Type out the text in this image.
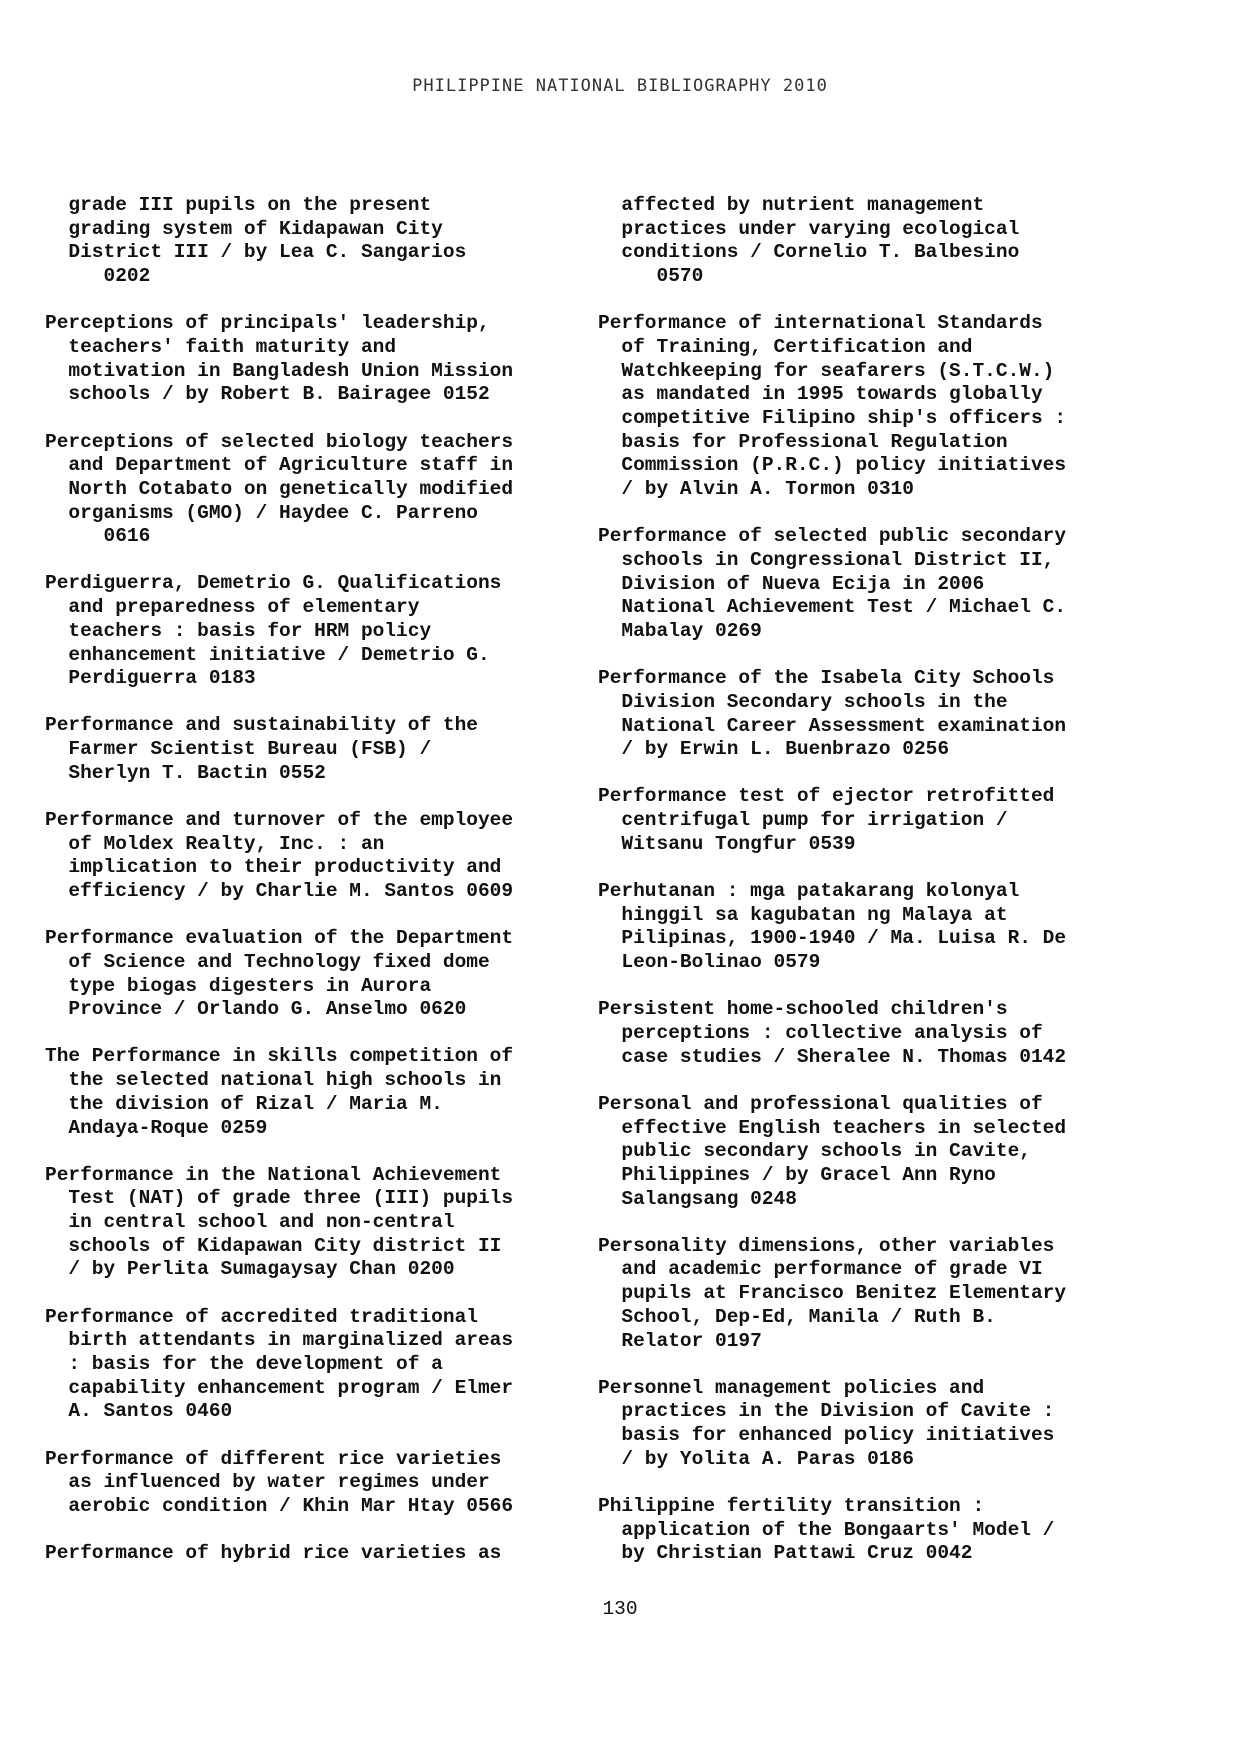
PHILIPPINE NATIONAL BIBLIOGRAPHY 2010
grade III pupils on the present
grading system of Kidapawan City
District III / by Lea C. Sangarios
0202
Perceptions of principals' leadership,
teachers' faith maturity and
motivation in Bangladesh Union Mission
schools / by Robert B. Bairagee 0152
Perceptions of selected biology teachers
and Department of Agriculture staff in
North Cotabato on genetically modified
organisms (GMO) / Haydee C. Parreno
0616
Perdiguerra, Demetrio G. Qualifications
and preparedness of elementary
teachers : basis for HRM policy
enhancement initiative / Demetrio G.
Perdiguerra 0183
Performance and sustainability of the
Farmer Scientist Bureau (FSB) /
Sherlyn T. Bactin 0552
Performance and turnover of the employee
of Moldex Realty, Inc. : an
implication to their productivity and
efficiency / by Charlie M. Santos 0609
Performance evaluation of the Department
of Science and Technology fixed dome
type biogas digesters in Aurora
Province / Orlando G. Anselmo 0620
The Performance in skills competition of
the selected national high schools in
the division of Rizal / Maria M.
Andaya-Roque 0259
Performance in the National Achievement
Test (NAT) of grade three (III) pupils
in central school and non-central
schools of Kidapawan City district II
/ by Perlita Sumagaysay Chan 0200
Performance of accredited traditional
birth attendants in marginalized areas
: basis for the development of a
capability enhancement program / Elmer
A. Santos 0460
Performance of different rice varieties
as influenced by water regimes under
aerobic condition / Khin Mar Htay 0566
Performance of hybrid rice varieties as
affected by nutrient management
practices under varying ecological
conditions / Cornelio T. Balbesino
0570
Performance of international Standards
of Training, Certification and
Watchkeeping for seafarers (S.T.C.W.)
as mandated in 1995 towards globally
competitive Filipino ship's officers :
basis for Professional Regulation
Commission (P.R.C.) policy initiatives
/ by Alvin A. Tormon 0310
Performance of selected public secondary
schools in Congressional District II,
Division of Nueva Ecija in 2006
National Achievement Test / Michael C.
Mabalay 0269
Performance of the Isabela City Schools
Division Secondary schools in the
National Career Assessment examination
/ by Erwin L. Buenbrazo 0256
Performance test of ejector retrofitted
centrifugal pump for irrigation /
Witsanu Tongfur 0539
Perhutanan : mga patakarang kolonyal
hinggil sa kagubatan ng Malaya at
Pilipinas, 1900-1940 / Ma. Luisa R. De
Leon-Bolinao 0579
Persistent home-schooled children's
perceptions : collective analysis of
case studies / Sheralee N. Thomas 0142
Personal and professional qualities of
effective English teachers in selected
public secondary schools in Cavite,
Philippines / by Gracel Ann Ryno
Salangsang 0248
Personality dimensions, other variables
and academic performance of grade VI
pupils at Francisco Benitez Elementary
School, Dep-Ed, Manila / Ruth B.
Relator 0197
Personnel management policies and
practices in the Division of Cavite :
basis for enhanced policy initiatives
/ by Yolita A. Paras 0186
Philippine fertility transition :
application of the Bongaarts' Model /
by Christian Pattawi Cruz 0042
130
